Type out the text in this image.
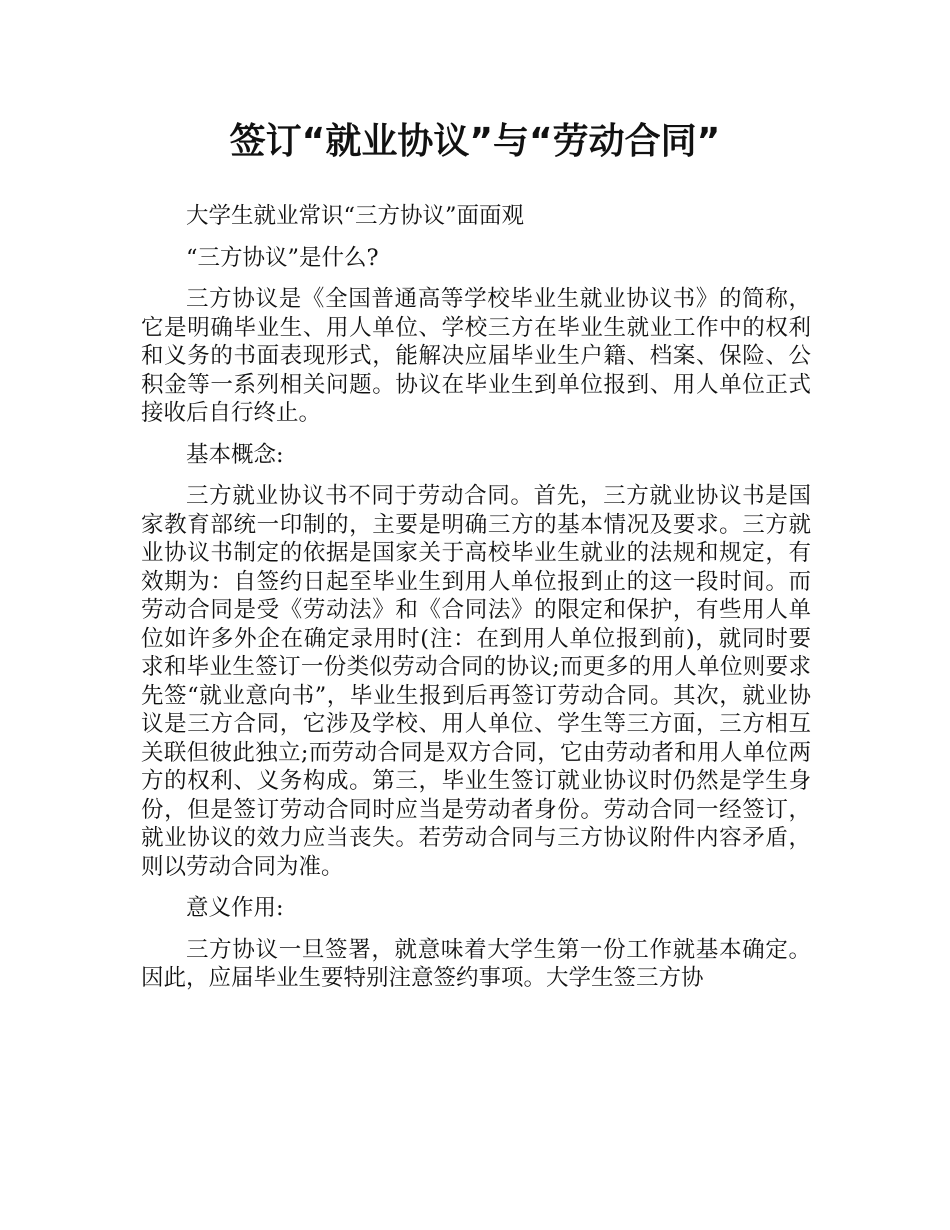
签订“就业协议”与“劳动合同”

大学生就业常识“三方协议”面面观

“三方协议”是什么?

三方协议是《全国普通高等学校毕业生就业协议书》的简称，它是明确毕业生、用人单位、学校三方在毕业生就业工作中的权利和义务的书面表现形式，能解决应届毕业生户籍、档案、保险、公积金等一系列相关问题。协议在毕业生到单位报到、用人单位正式接收后自行终止。

基本概念:

三方就业协议书不同于劳动合同。首先，三方就业协议书是国家教育部统一印制的，主要是明确三方的基本情况及要求。三方就业协议书制定的依据是国家关于高校毕业生就业的法规和规定，有效期为：自签约日起至毕业生到用人单位报到止的这一段时间。而劳动合同是受《劳动法》和《合同法》的限定和保护，有些用人单位如许多外企在确定录用时(注：在到用人单位报到前)，就同时要求和毕业生签订一份类似劳动合同的协议;而更多的用人单位则要求先签“就业意向书”，毕业生报到后再签订劳动合同。其次，就业协议是三方合同，它涉及学校、用人单位、学生等三方面，三方相互关联但彼此独立;而劳动合同是双方合同，它由劳动者和用人单位两方的权利、义务构成。第三，毕业生签订就业协议时仍然是学生身份，但是签订劳动合同时应当是劳动者身份。劳动合同一经签订，就业协议的效力应当丧失。若劳动合同与三方协议附件内容矛盾，则以劳动合同为准。

意义作用:

三方协议一旦签署，就意味着大学生第一份工作就基本确定。因此，应届毕业生要特别注意签约事项。大学生签三方协
